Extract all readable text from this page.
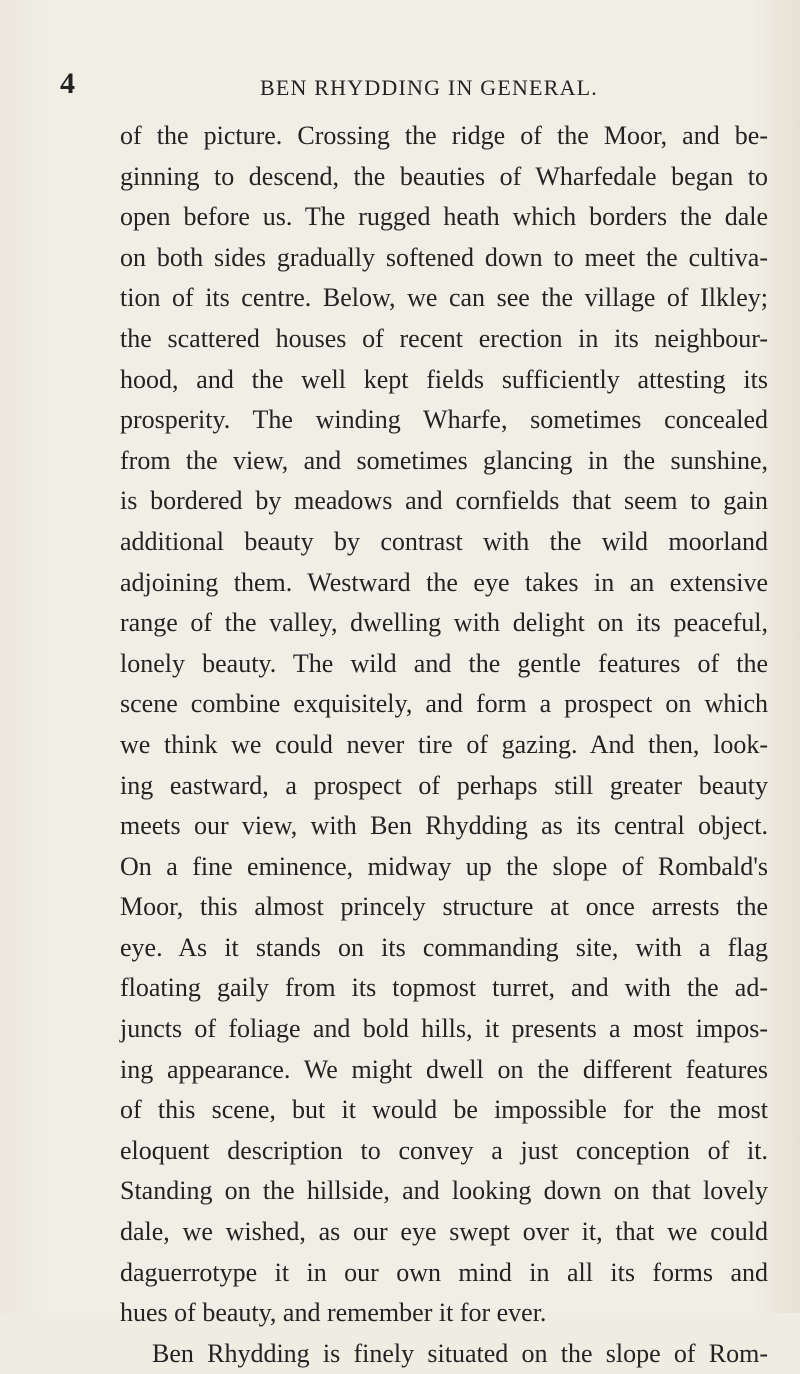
4	BEN RHYDDING IN GENERAL.
of the picture. Crossing the ridge of the Moor, and be-
ginning to descend, the beauties of Wharfedale began to
open before us. The rugged heath which borders the dale
on both sides gradually softened down to meet the cultiva-
tion of its centre. Below, we can see the village of Ilkley;
the scattered houses of recent erection in its neighbour-
hood, and the well kept fields sufficiently attesting its
prosperity. The winding Wharfe, sometimes concealed
from the view, and sometimes glancing in the sunshine,
is bordered by meadows and cornfields that seem to gain
additional beauty by contrast with the wild moorland
adjoining them. Westward the eye takes in an extensive
range of the valley, dwelling with delight on its peaceful,
lonely beauty. The wild and the gentle features of the
scene combine exquisitely, and form a prospect on which
we think we could never tire of gazing. And then, look-
ing eastward, a prospect of perhaps still greater beauty
meets our view, with Ben Rhydding as its central object.
On a fine eminence, midway up the slope of Rombald's
Moor, this almost princely structure at once arrests the
eye. As it stands on its commanding site, with a flag
floating gaily from its topmost turret, and with the ad-
juncts of foliage and bold hills, it presents a most impos-
ing appearance. We might dwell on the different features
of this scene, but it would be impossible for the most
eloquent description to convey a just conception of it.
Standing on the hillside, and looking down on that lovely
dale, we wished, as our eye swept over it, that we could
daguerrotype it in our own mind in all its forms and
hues of beauty, and remember it for ever.
Ben Rhydding is finely situated on the slope of Rom-
